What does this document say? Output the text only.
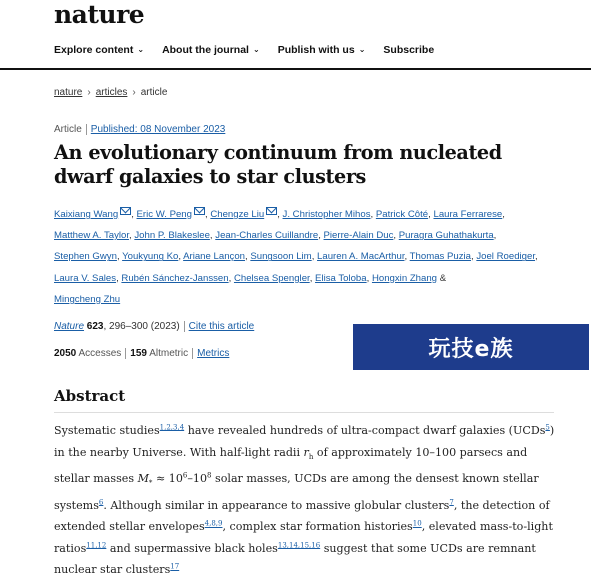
nature
Explore content ⌄ About the journal ⌄ Publish with us ⌄ Subscribe
nature › articles › article
Article Published: 08 November 2023
An evolutionary continuum from nucleated dwarf galaxies to star clusters
Kaixiang Wang , Eric W. Peng , Chengze Liu , J. Christopher Mihos, Patrick Côté, Laura Ferrarese,
Matthew A. Taylor, John P. Blakeslee, Jean-Charles Cuillandre, Pierre-Alain Duc, Puragra Guhathakurta,
Stephen Gwyn, Youkyung Ko, Ariane Lançon, Sungsoon Lim, Lauren A. MacArthur, Thomas Puzia, Joel Roediger, Laura V. Sales, Rubén Sánchez-Janssen, Chelsea Spengler, Elisa Toloba, Hongxin Zhang &
Mingcheng Zhu
Nature 623, 296–300 (2023) Cite this article
2050 Accesses 159 Altmetric Metrics	玩技e族
Abstract

Systematic studies$^{1,2,3,4}$ have revealed hundreds of ultra-compact dwarf galaxies (UCDs$^5$) in the nearby Universe. With half-light radii $r_h$ of approximately 10–100 parsecs and stellar masses $M_* \approx 10^6-10^8$ solar masses, UCDs are among the densest known stellar systems$^6$. Although similar in appearance to massive globular clusters$^7$, the detection of extended stellar envelopes$^{4,8,9}$, complex star formation histories$^{10}$, elevated mass-to-light ratios$^{11,12}$ and supermassive black holes$^{13,14,15,16}$ suggest that some UCDs are remnant nuclear star clusters$^{17}$
